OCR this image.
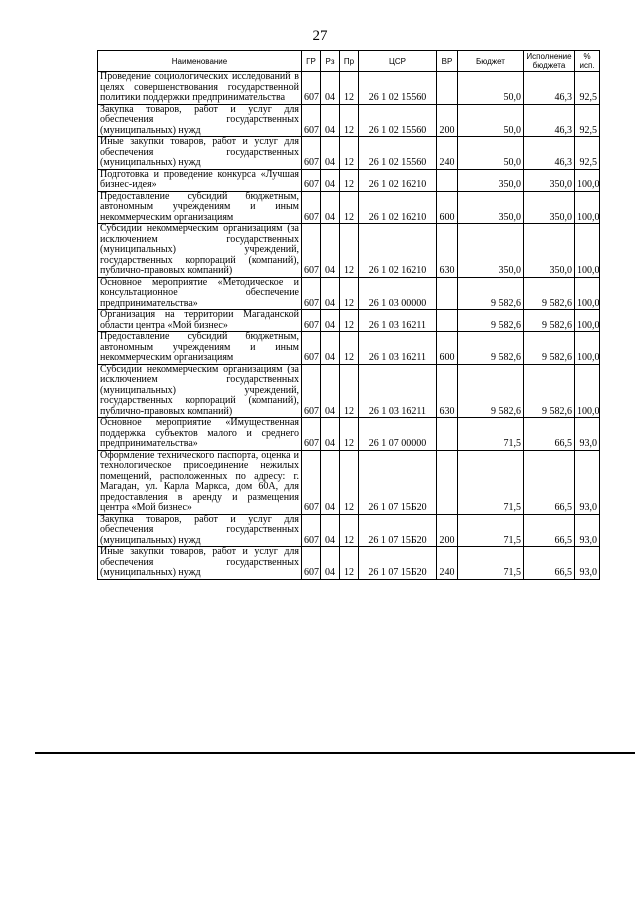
27
Наименование	ГР	Рз	Пр	ЦСР	ВР	Бюджет	Исполнение бюджета	% исп.
Проведение социологических исследований в целях совершенствования государственной политики поддержки предпринимательства	607	04	12	26 1 02 15560		50,0	46,3	92,5
Закупка товаров, работ и услуг для обеспечения государственных (муниципальных) нужд	607	04	12	26 1 02 15560	200	50,0	46,3	92,5
Иные закупки товаров, работ и услуг для обеспечения государственных (муниципальных) нужд	607	04	12	26 1 02 15560	240	50,0	46,3	92,5
Подготовка и проведение конкурса «Лучшая бизнес-идея»	607	04	12	26 1 02 16210		350,0	350,0	100,0
Предоставление субсидий бюджетным, автономным учреждениям и иным некоммерческим организациям	607	04	12	26 1 02 16210	600	350,0	350,0	100,0
Субсидии некоммерческим организациям (за исключением государственных (муниципальных) учреждений, государственных корпораций (компаний), публично-правовых компаний)	607	04	12	26 1 02 16210	630	350,0	350,0	100,0
Основное мероприятие «Методическое и консультационное обеспечение предпринимательства»	607	04	12	26 1 03 00000		9 582,6	9 582,6	100,0
Организация на территории Магаданской области центра «Мой бизнес»	607	04	12	26 1 03 16211		9 582,6	9 582,6	100,0
Предоставление субсидий бюджетным, автономным учреждениям и иным некоммерческим организациям	607	04	12	26 1 03 16211	600	9 582,6	9 582,6	100,0
Субсидии некоммерческим организациям (за исключением государственных (муниципальных) учреждений, государственных корпораций (компаний), публично-правовых компаний)	607	04	12	26 1 03 16211	630	9 582,6	9 582,6	100,0
Основное мероприятие «Имущественная поддержка субъектов малого и среднего предпринимательства»	607	04	12	26 1 07 00000		71,5	66,5	93,0
Оформление технического паспорта, оценка и технологическое присоединение нежилых помещений, расположенных по адресу: г. Магадан, ул. Карла Маркса, дом 60А, для предоставления в аренду и размещения центра «Мой бизнес»	607	04	12	26 1 07 15Б20		71,5	66,5	93,0
Закупка товаров, работ и услуг для обеспечения государственных (муниципальных) нужд	607	04	12	26 1 07 15Б20	200	71,5	66,5	93,0
Иные закупки товаров, работ и услуг для обеспечения государственных (муниципальных) нужд	607	04	12	26 1 07 15Б20	240	71,5	66,5	93,0
